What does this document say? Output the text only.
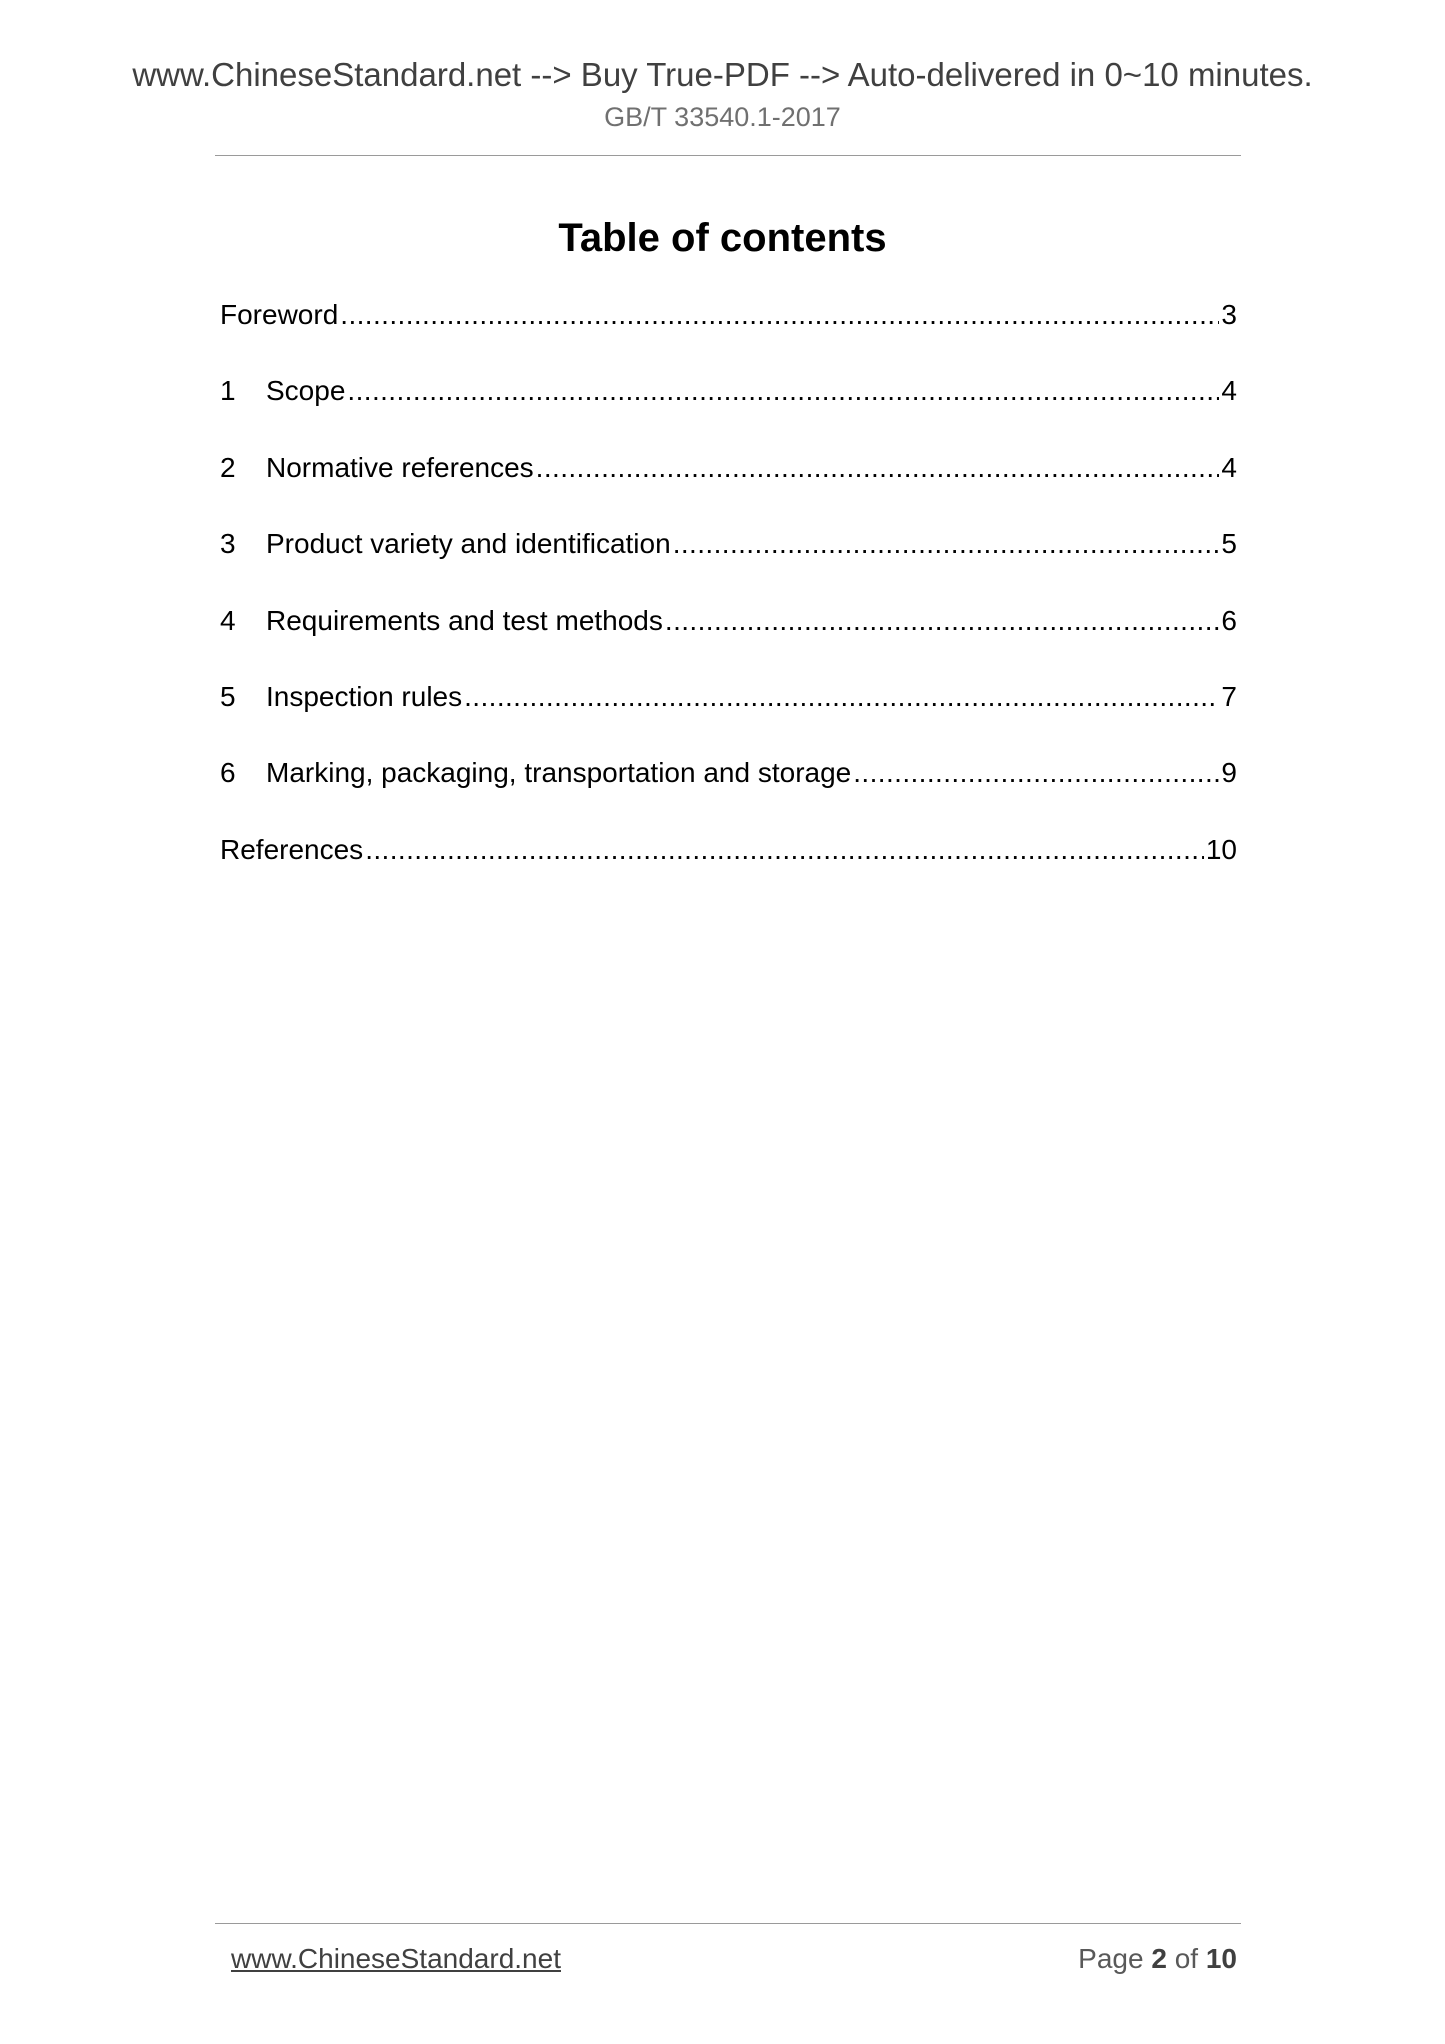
www.ChineseStandard.net --> Buy True-PDF --> Auto-delivered in 0~10 minutes.
GB/T 33540.1-2017
Table of contents
Foreword .....	3
1	Scope .....	4
2	Normative references .....	4
3	Product variety and identification .....	5
4	Requirements and test methods .....	6
5	Inspection rules .....	7
6	Marking, packaging, transportation and storage .....	9
References .....	10
www.ChineseStandard.net	Page 2 of 10
